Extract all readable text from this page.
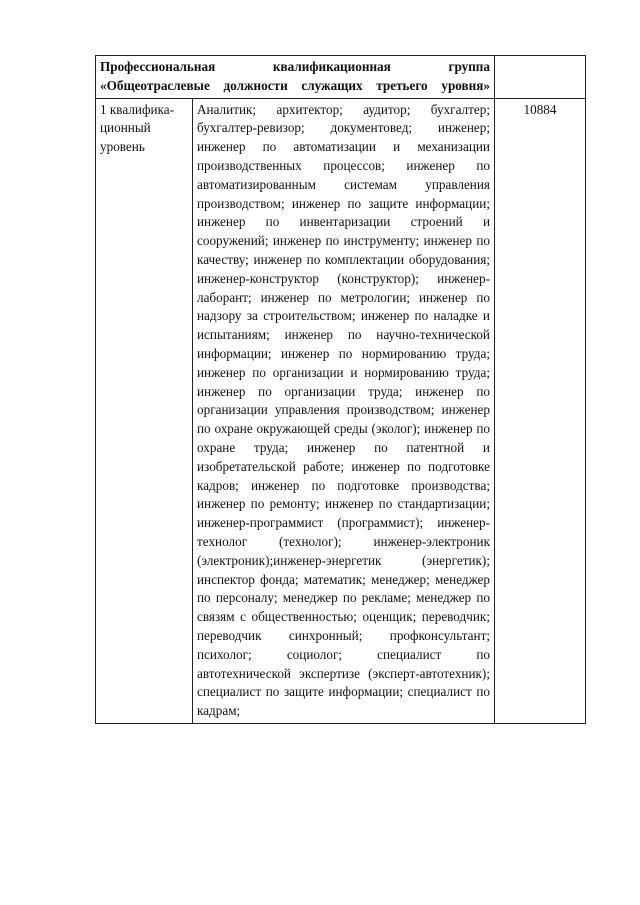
Профессиональная квалификационная группа
«Общеотраслевые должности служащих третьего уровня»		

1 квалифика-ционный уровень	Аналитик; архитектор; аудитор; бухгалтер; бухгалтер-ревизор; документовед; инженер; инженер по автоматизации и механизации производственных процессов; инженер по автоматизированным системам управления производством; инженер по защите информации; инженер по инвентаризации строений и сооружений; инженер по инструменту; инженер по качеству; инженер по комплектации оборудования; инженер-конструктор (конструктор); инженер-лаборант; инженер по метрологии; инженер по надзору за строительством; инженер по наладке и испытаниям; инженер по научно-технической информации; инженер по нормированию труда; инженер по организации и нормированию труда; инженер по организации труда; инженер по организации управления производством; инженер по охране окружающей среды (эколог); инженер по охране труда; инженер по патентной и изобретательской работе; инженер по подготовке кадров; инженер по подготовке производства; инженер по ремонту; инженер по стандартизации; инженер-программист (программист); инженер-технолог (технолог); инженер-электроник (электроник);инженер-энергетик (энергетик); инспектор фонда; математик; менеджер; менеджер по персоналу; менеджер по рекламе; менеджер по связям с общественностью; оценщик; переводчик; переводчик синхронный; профконсультант; психолог; социолог; специалист по автотехнической экспертизе (эксперт-автотехник); специалист по защите информации; специалист по кадрам;	10884
